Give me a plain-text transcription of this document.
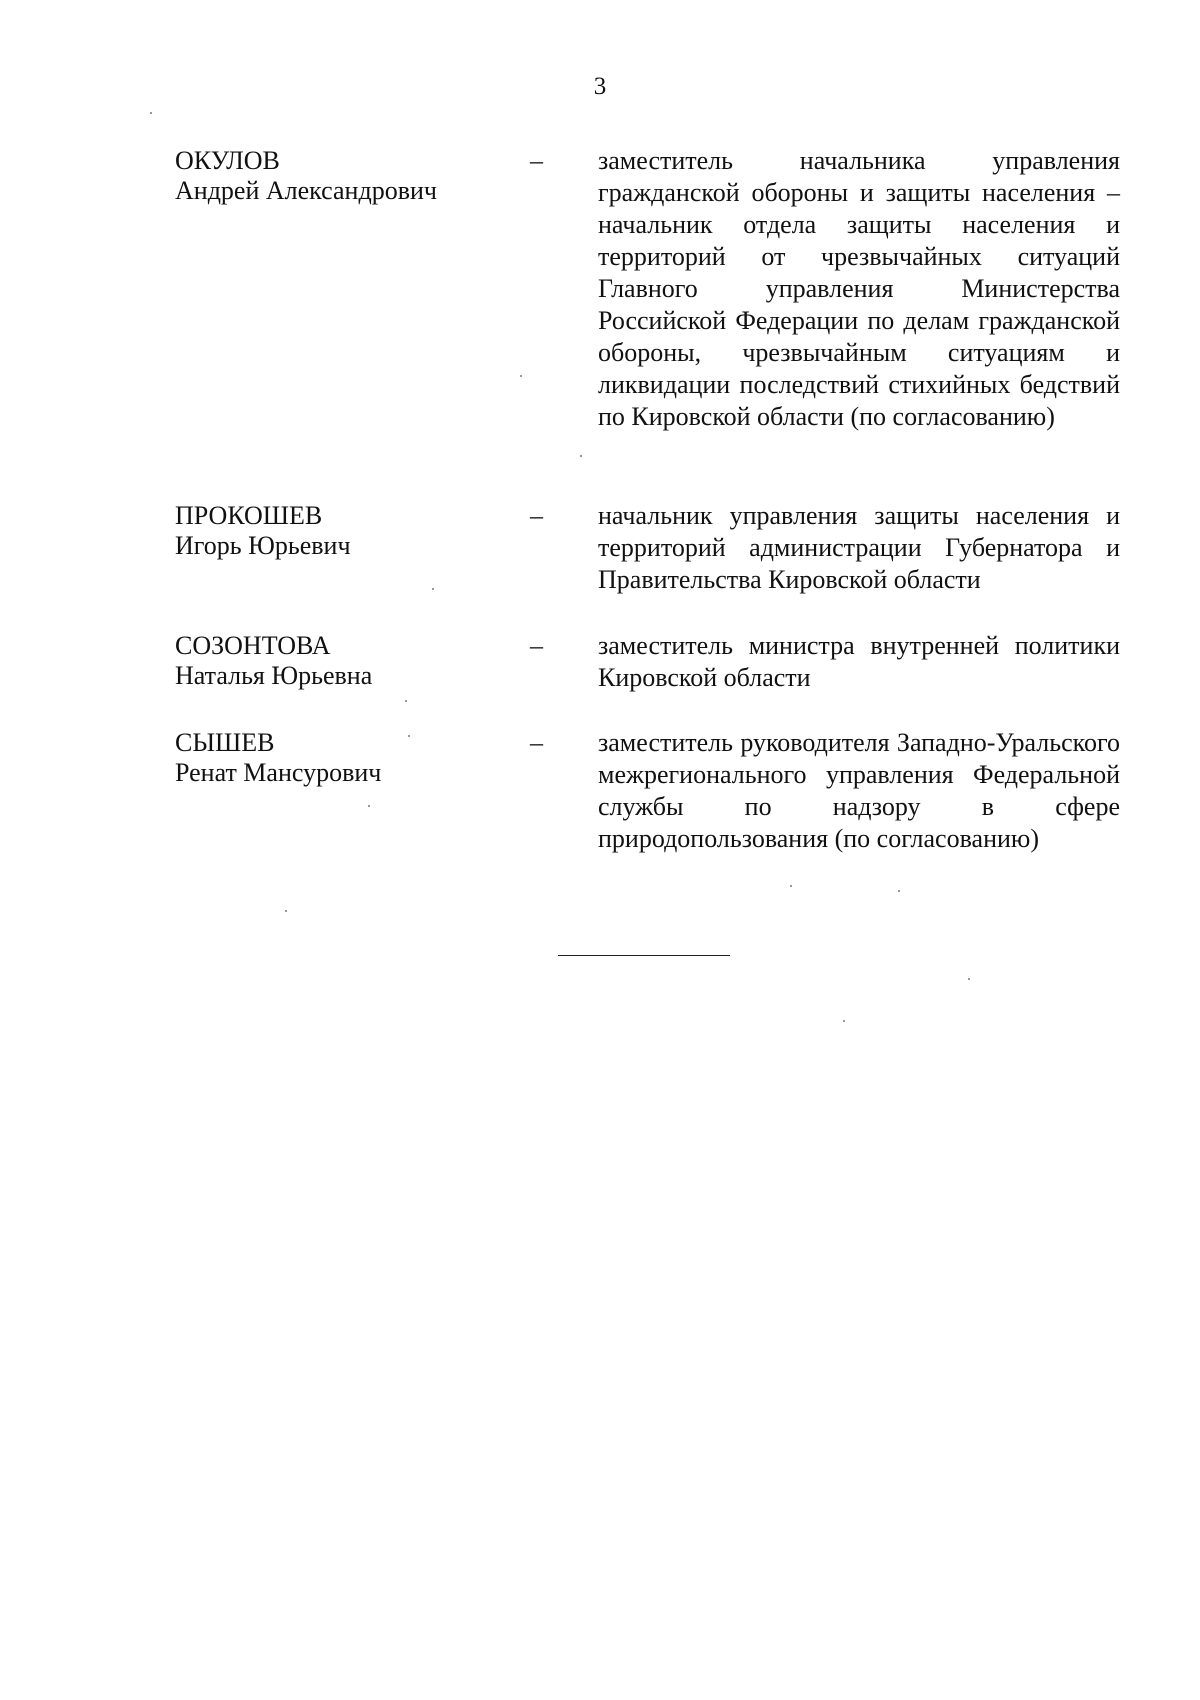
3
ОКУЛОВ
Андрей Александрович
– заместитель начальника управления гражданской обороны и защиты населения – начальник отдела защиты населения и территорий от чрезвычайных ситуаций Главного управления Министерства Российской Федерации по делам гражданской обороны, чрезвычайным ситуациям и ликвидации последствий стихийных бедствий по Кировской области (по согласованию)

ПРОКОШЕВ
Игорь Юрьевич
– начальник управления защиты населения и территорий администрации Губернатора и Правительства Кировской области

СОЗОНТОВА
Наталья Юрьевна
– заместитель министра внутренней политики Кировской области

СЫШЕВ
Ренат Мансурович
– заместитель руководителя Западно-Уральского межрегионального управления Федеральной службы по надзору в сфере природопользования (по согласованию)
